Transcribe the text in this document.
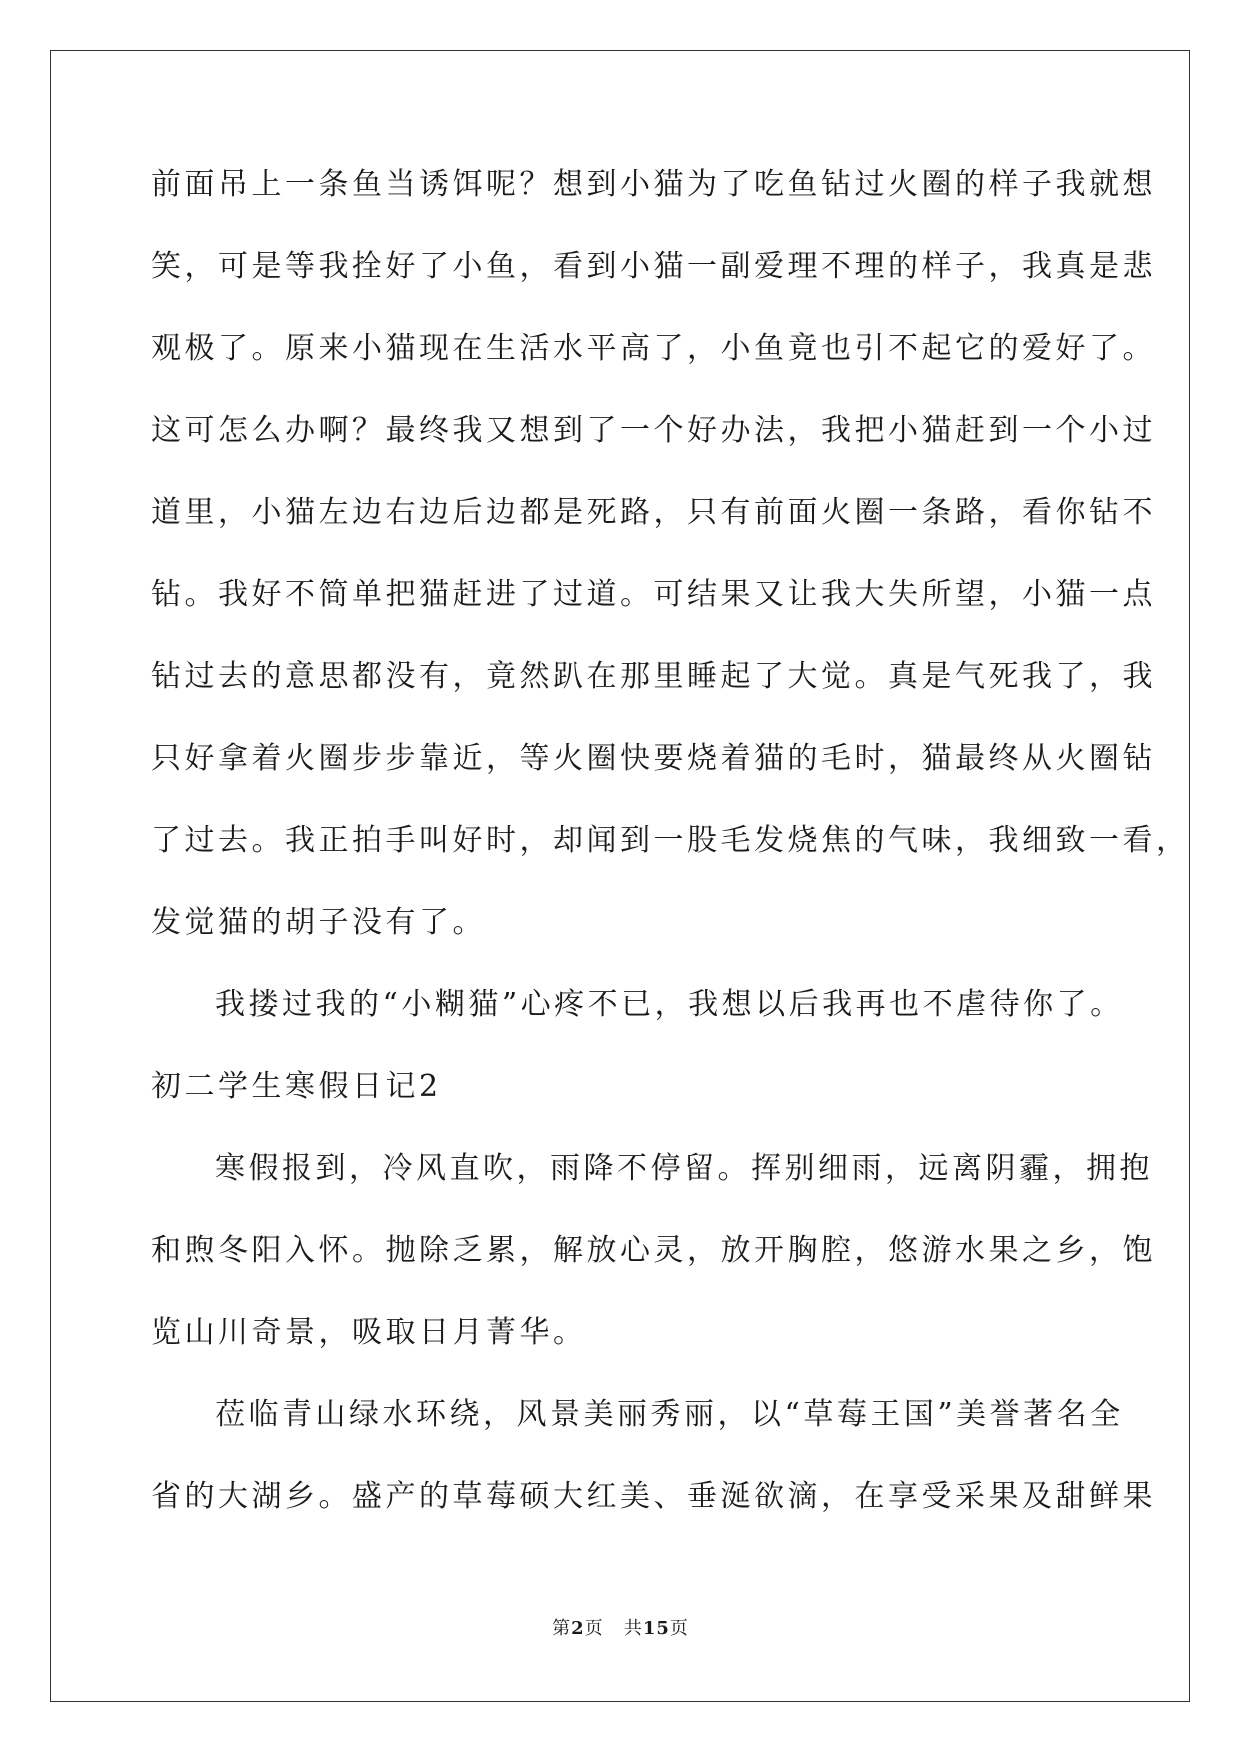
前面吊上一条鱼当诱饵呢？想到小猫为了吃鱼钻过火圈的样子我就想
笑，可是等我拴好了小鱼，看到小猫一副爱理不理的样子，我真是悲
观极了。原来小猫现在生活水平高了，小鱼竟也引不起它的爱好了。
这可怎么办啊？最终我又想到了一个好办法，我把小猫赶到一个小过
道里，小猫左边右边后边都是死路，只有前面火圈一条路，看你钻不
钻。我好不简单把猫赶进了过道。可结果又让我大失所望，小猫一点
钻过去的意思都没有，竟然趴在那里睡起了大觉。真是气死我了，我
只好拿着火圈步步靠近，等火圈快要烧着猫的毛时，猫最终从火圈钻
了过去。我正拍手叫好时，却闻到一股毛发烧焦的气味，我细致一看，
发觉猫的胡子没有了。
我搂过我的“小糊猫”心疼不已，我想以后我再也不虐待你了。
初二学生寒假日记2
寒假报到，冷风直吹，雨降不停留。挥别细雨，远离阴霾，拥抱
和煦冬阳入怀。抛除乏累，解放心灵，放开胸腔，悠游水果之乡，饱
览山川奇景，吸取日月菁华。
莅临青山绿水环绕，风景美丽秀丽，以“草莓王国”美誉著名全
省的大湖乡。盛产的草莓硕大红美、垂涎欲滴，在享受采果及甜鲜果
第2页 共15页
